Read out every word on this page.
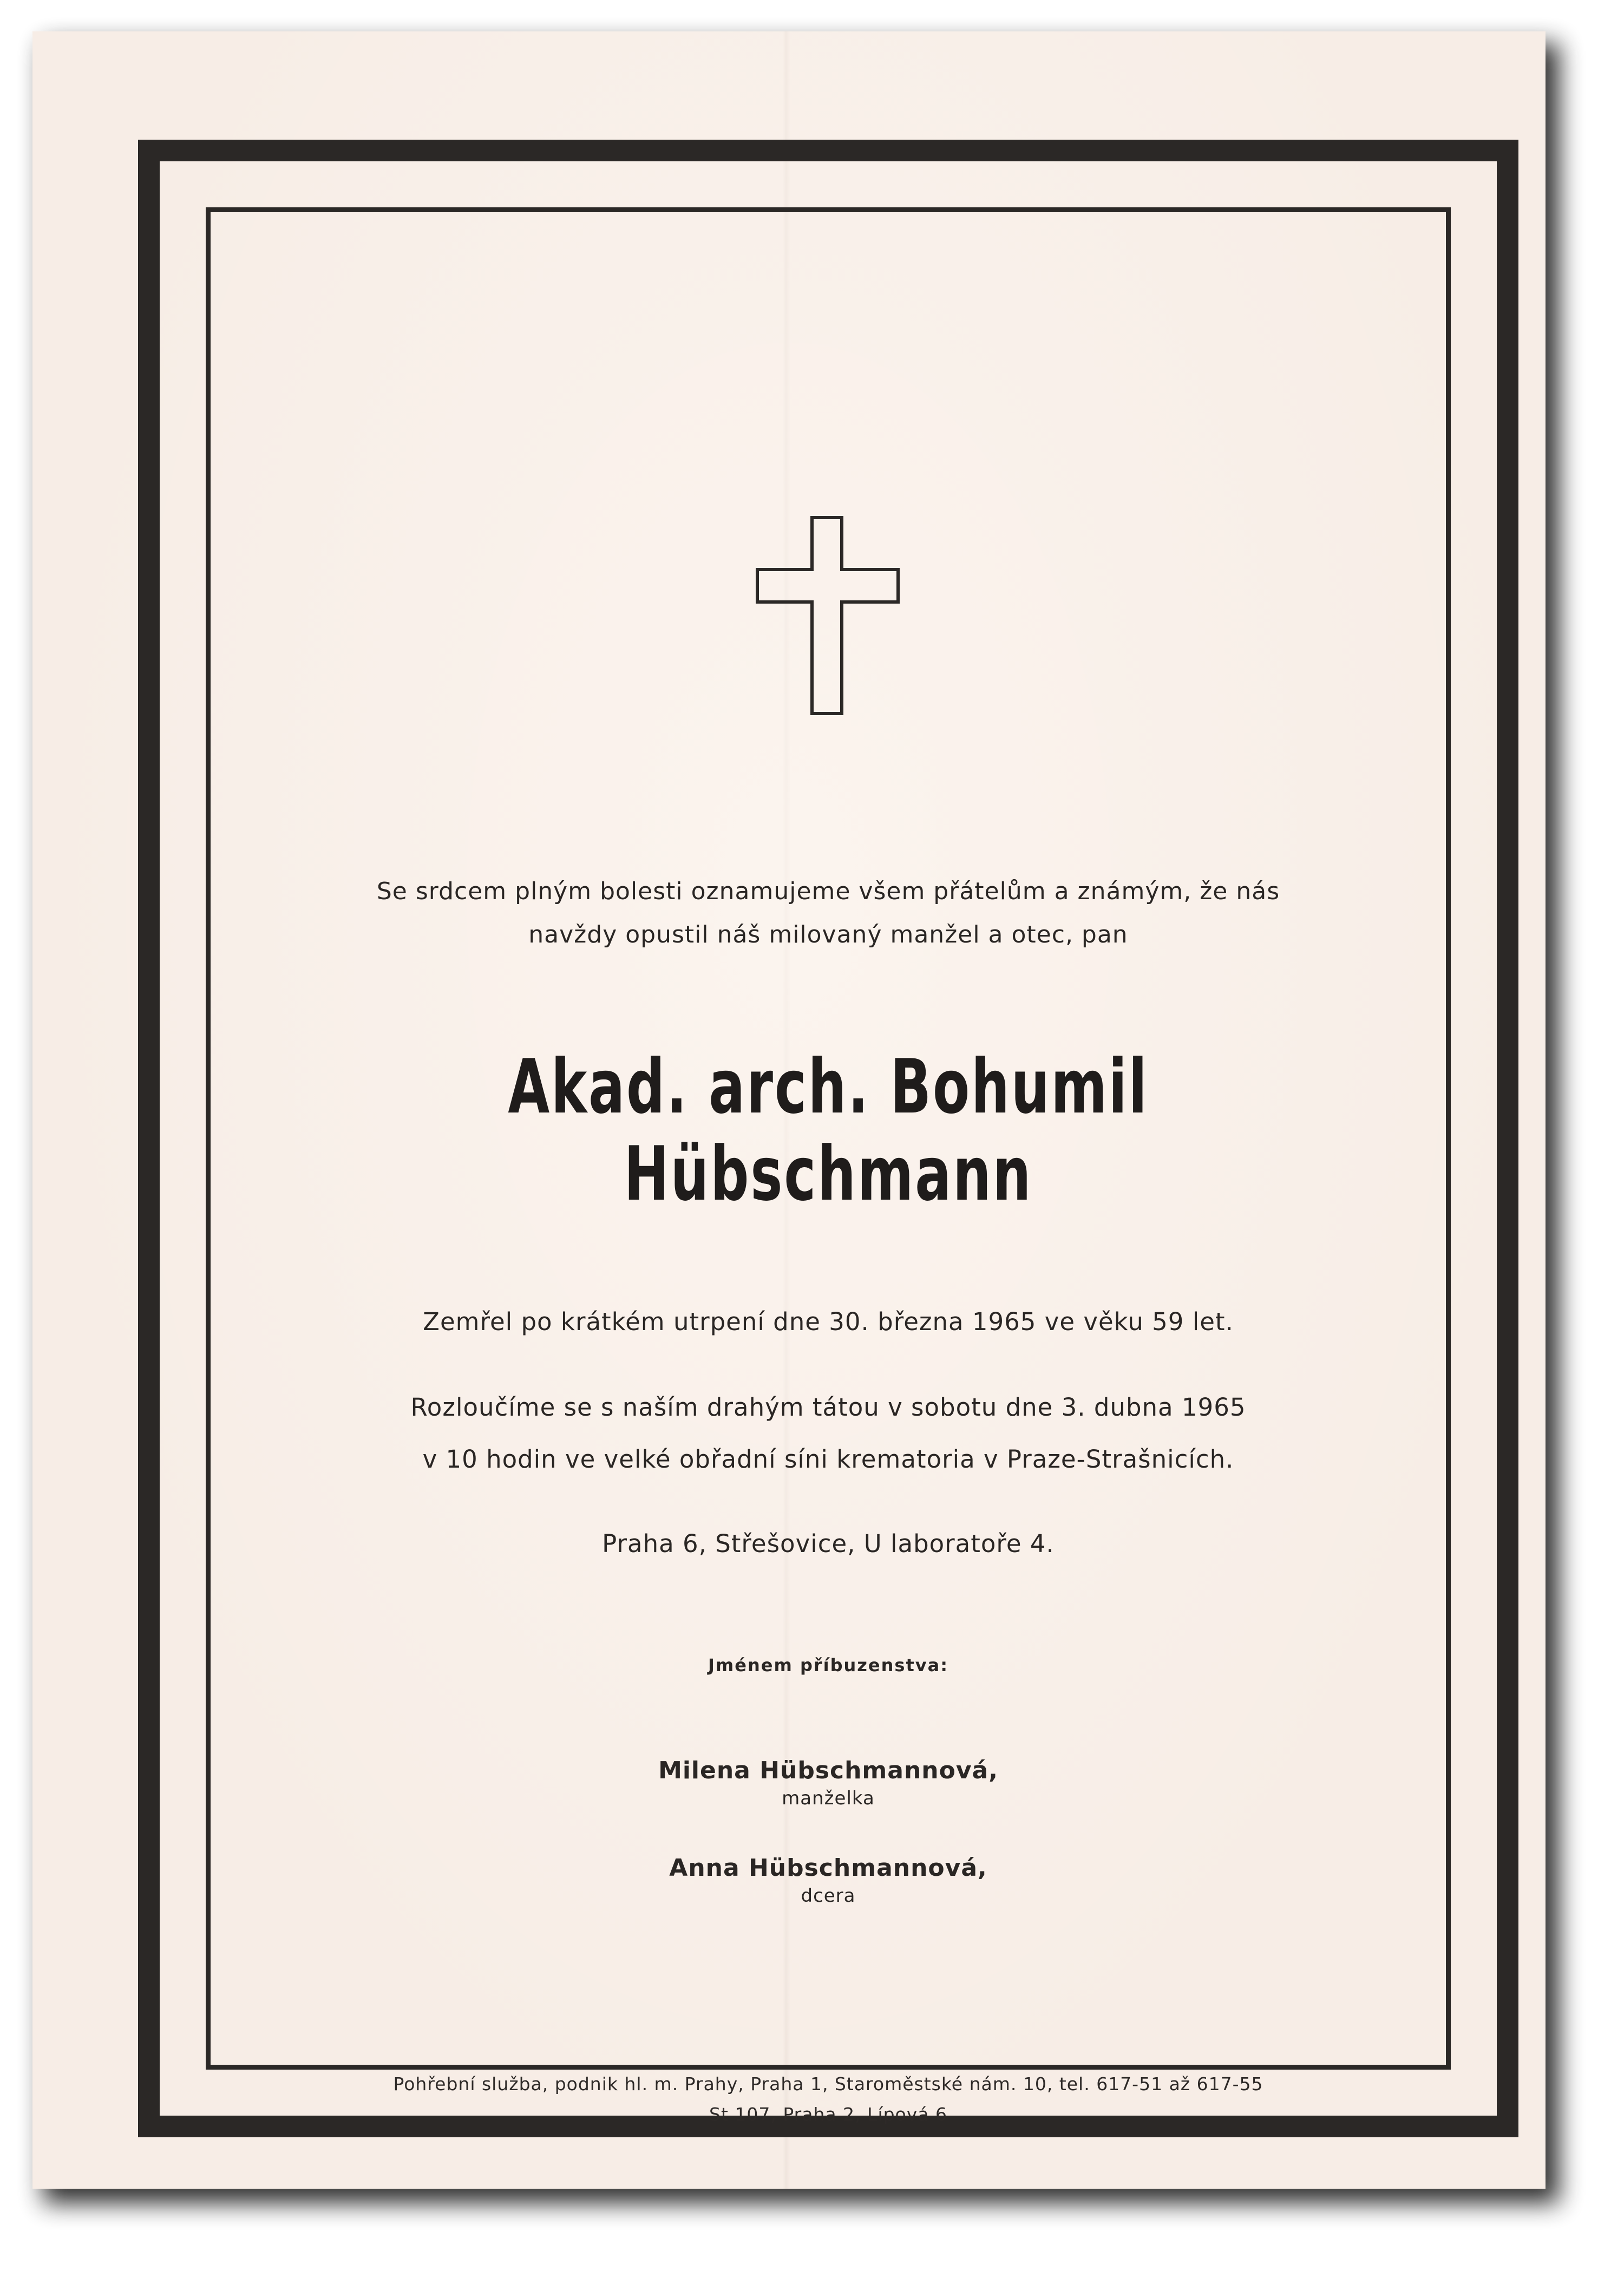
Se srdcem plným bolesti oznamujeme všem přátelům a známým, že nás
navždy opustil náš milovaný manžel a otec, pan
Akad. arch. Bohumil Hübschmann
Zemřel po krátkém utrpení dne 30. března 1965 ve věku 59 let.
Rozloučíme se s naším drahým tátou v sobotu dne 3. dubna 1965
v 10 hodin ve velké obřadní síni krematoria v Praze-Strašnicích.
Praha 6, Střešovice, U laboratoře 4.
Jménem příbuzenstva:
Milena Hübschmannová,
manželka
Anna Hübschmannová,
dcera
Pohřební služba, podnik hl. m. Prahy, Praha 1, Staroměstské nám. 10, tel. 617-51 až 617-55
St 107, Praha 2, Lípová 6
